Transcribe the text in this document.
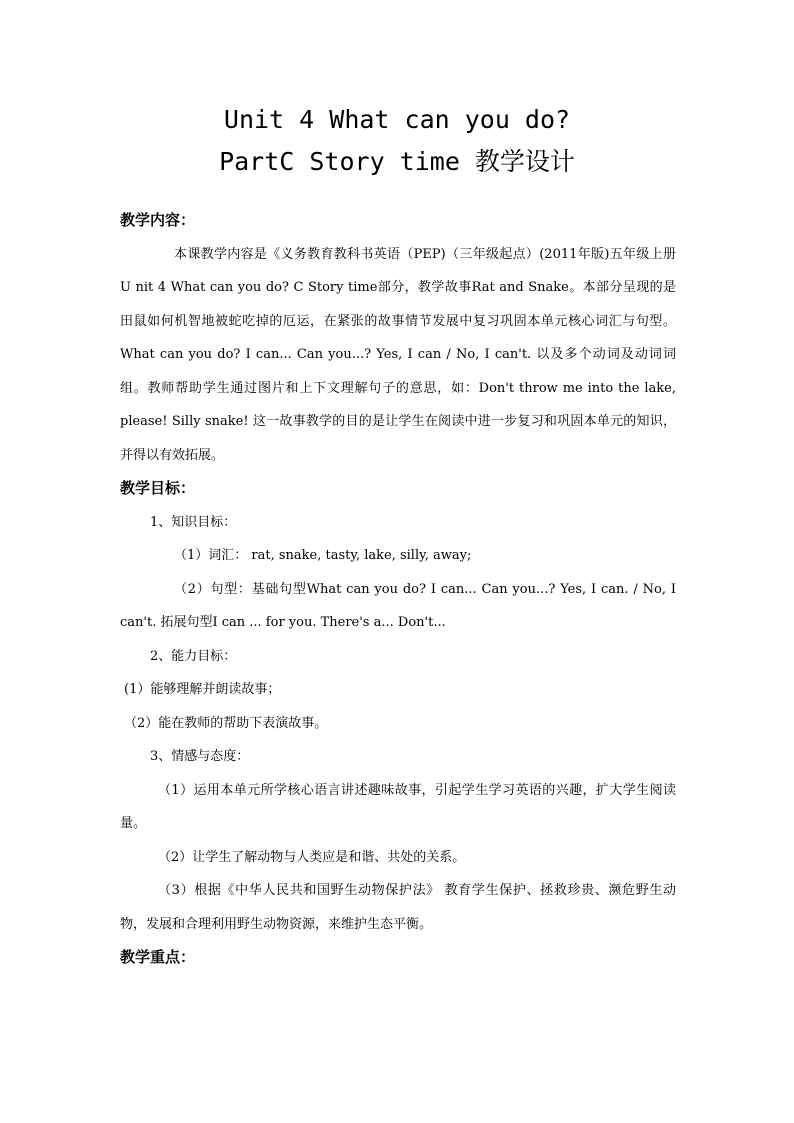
Unit 4 What can you do?
PartC Story time 教学设计
教学内容：
本课教学内容是《义务教育教科书英语（PEP)（三年级起点）(2011年版)五年级上册U nit 4 What can you do? C Story time部分，教学故事Rat and Snake。本部分呈现的是田鼠如何机智地被蛇吃掉的厄运，在紧张的故事情节发展中复习巩固本单元核心词汇与句型。What can you do? I can... Can you...? Yes, I can / No, I can't. 以及多个动词及动词词组。教师帮助学生通过图片和上下文理解句子的意思，如：Don't throw me into the lake, please! Silly snake! 这一故事教学的目的是让学生在阅读中进一步复习和巩固本单元的知识，并得以有效拓展。
教学目标：
1、知识目标：
（1）词汇： rat, snake, tasty, lake, silly, away;
（2）句型：基础句型What can you do? I can... Can you...? Yes, I can. / No, I can't. 拓展句型I can ... for you. There's a... Don't...
2、能力目标：
(1）能够理解并朗读故事；
（2）能在教师的帮助下表演故事。
3、情感与态度：
（1）运用本单元所学核心语言讲述趣味故事，引起学生学习英语的兴趣，扩大学生阅读量。
（2）让学生了解动物与人类应是和谐、共处的关系。
（3）根据《中华人民共和国野生动物保护法》 教育学生保护、拯救珍贵、濒危野生动物，发展和合理利用野生动物资源，来维护生态平衡。
教学重点：
